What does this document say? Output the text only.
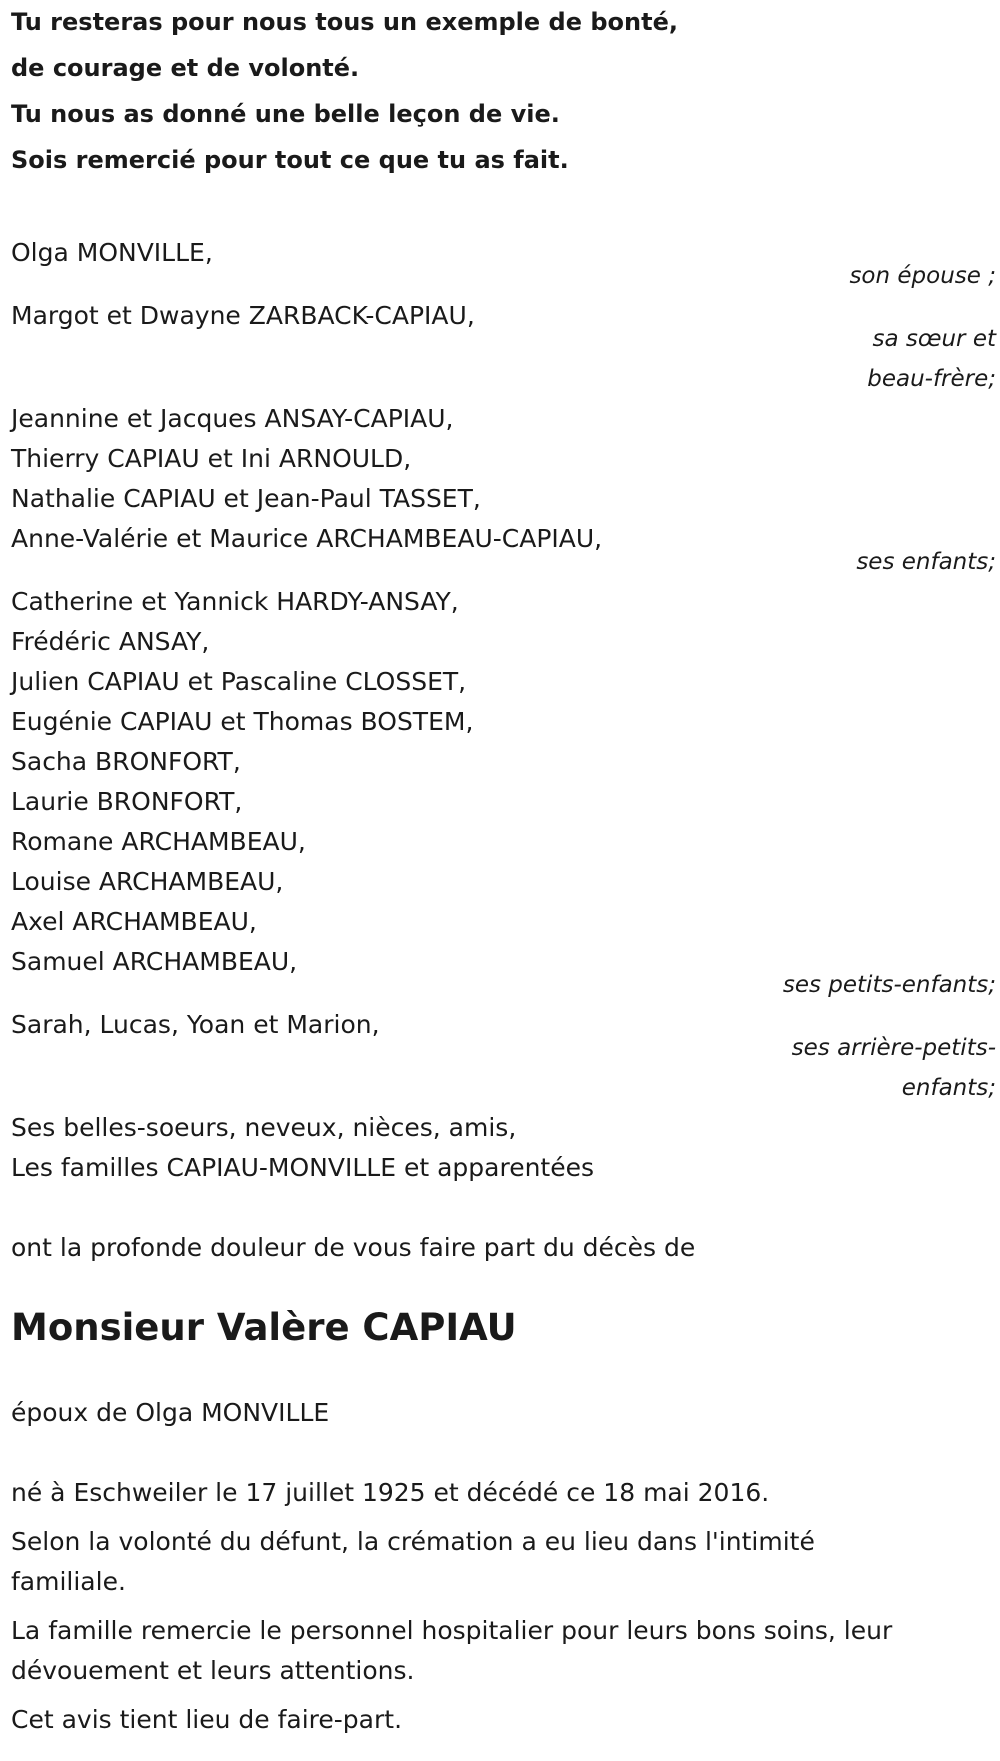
Tu resteras pour nous tous un exemple de bonté,

de courage et de volonté.

Tu nous as donné une belle leçon de vie.

Sois remercié pour tout ce que tu as fait.

Olga MONVILLE,

son épouse ;

Margot et Dwayne ZARBACK-CAPIAU,

sa sœur et

beau-frère;

Jeannine et Jacques ANSAY-CAPIAU,

Thierry CAPIAU et Ini ARNOULD,

Nathalie CAPIAU et Jean-Paul TASSET,

Anne-Valérie et Maurice ARCHAMBEAU-CAPIAU,

ses enfants;

Catherine et Yannick HARDY-ANSAY,

Frédéric ANSAY,

Julien CAPIAU et Pascaline CLOSSET,

Eugénie CAPIAU et Thomas BOSTEM,

Sacha BRONFORT,

Laurie BRONFORT,

Romane ARCHAMBEAU,

Louise ARCHAMBEAU,

Axel ARCHAMBEAU,

Samuel ARCHAMBEAU,

ses petits-enfants;

Sarah, Lucas, Yoan et Marion,

ses arrière-petits-

enfants;

Ses belles-soeurs, neveux, nièces, amis,

Les familles CAPIAU-MONVILLE et apparentées

ont la profonde douleur de vous faire part du décès de

Monsieur Valère CAPIAU

époux de Olga MONVILLE

né à Eschweiler le 17 juillet 1925 et décédé ce 18 mai 2016.

Selon la volonté du défunt, la crémation a eu lieu dans l'intimité

familiale.

La famille remercie le personnel hospitalier pour leurs bons soins, leur

dévouement et leurs attentions.

Cet avis tient lieu de faire-part.
